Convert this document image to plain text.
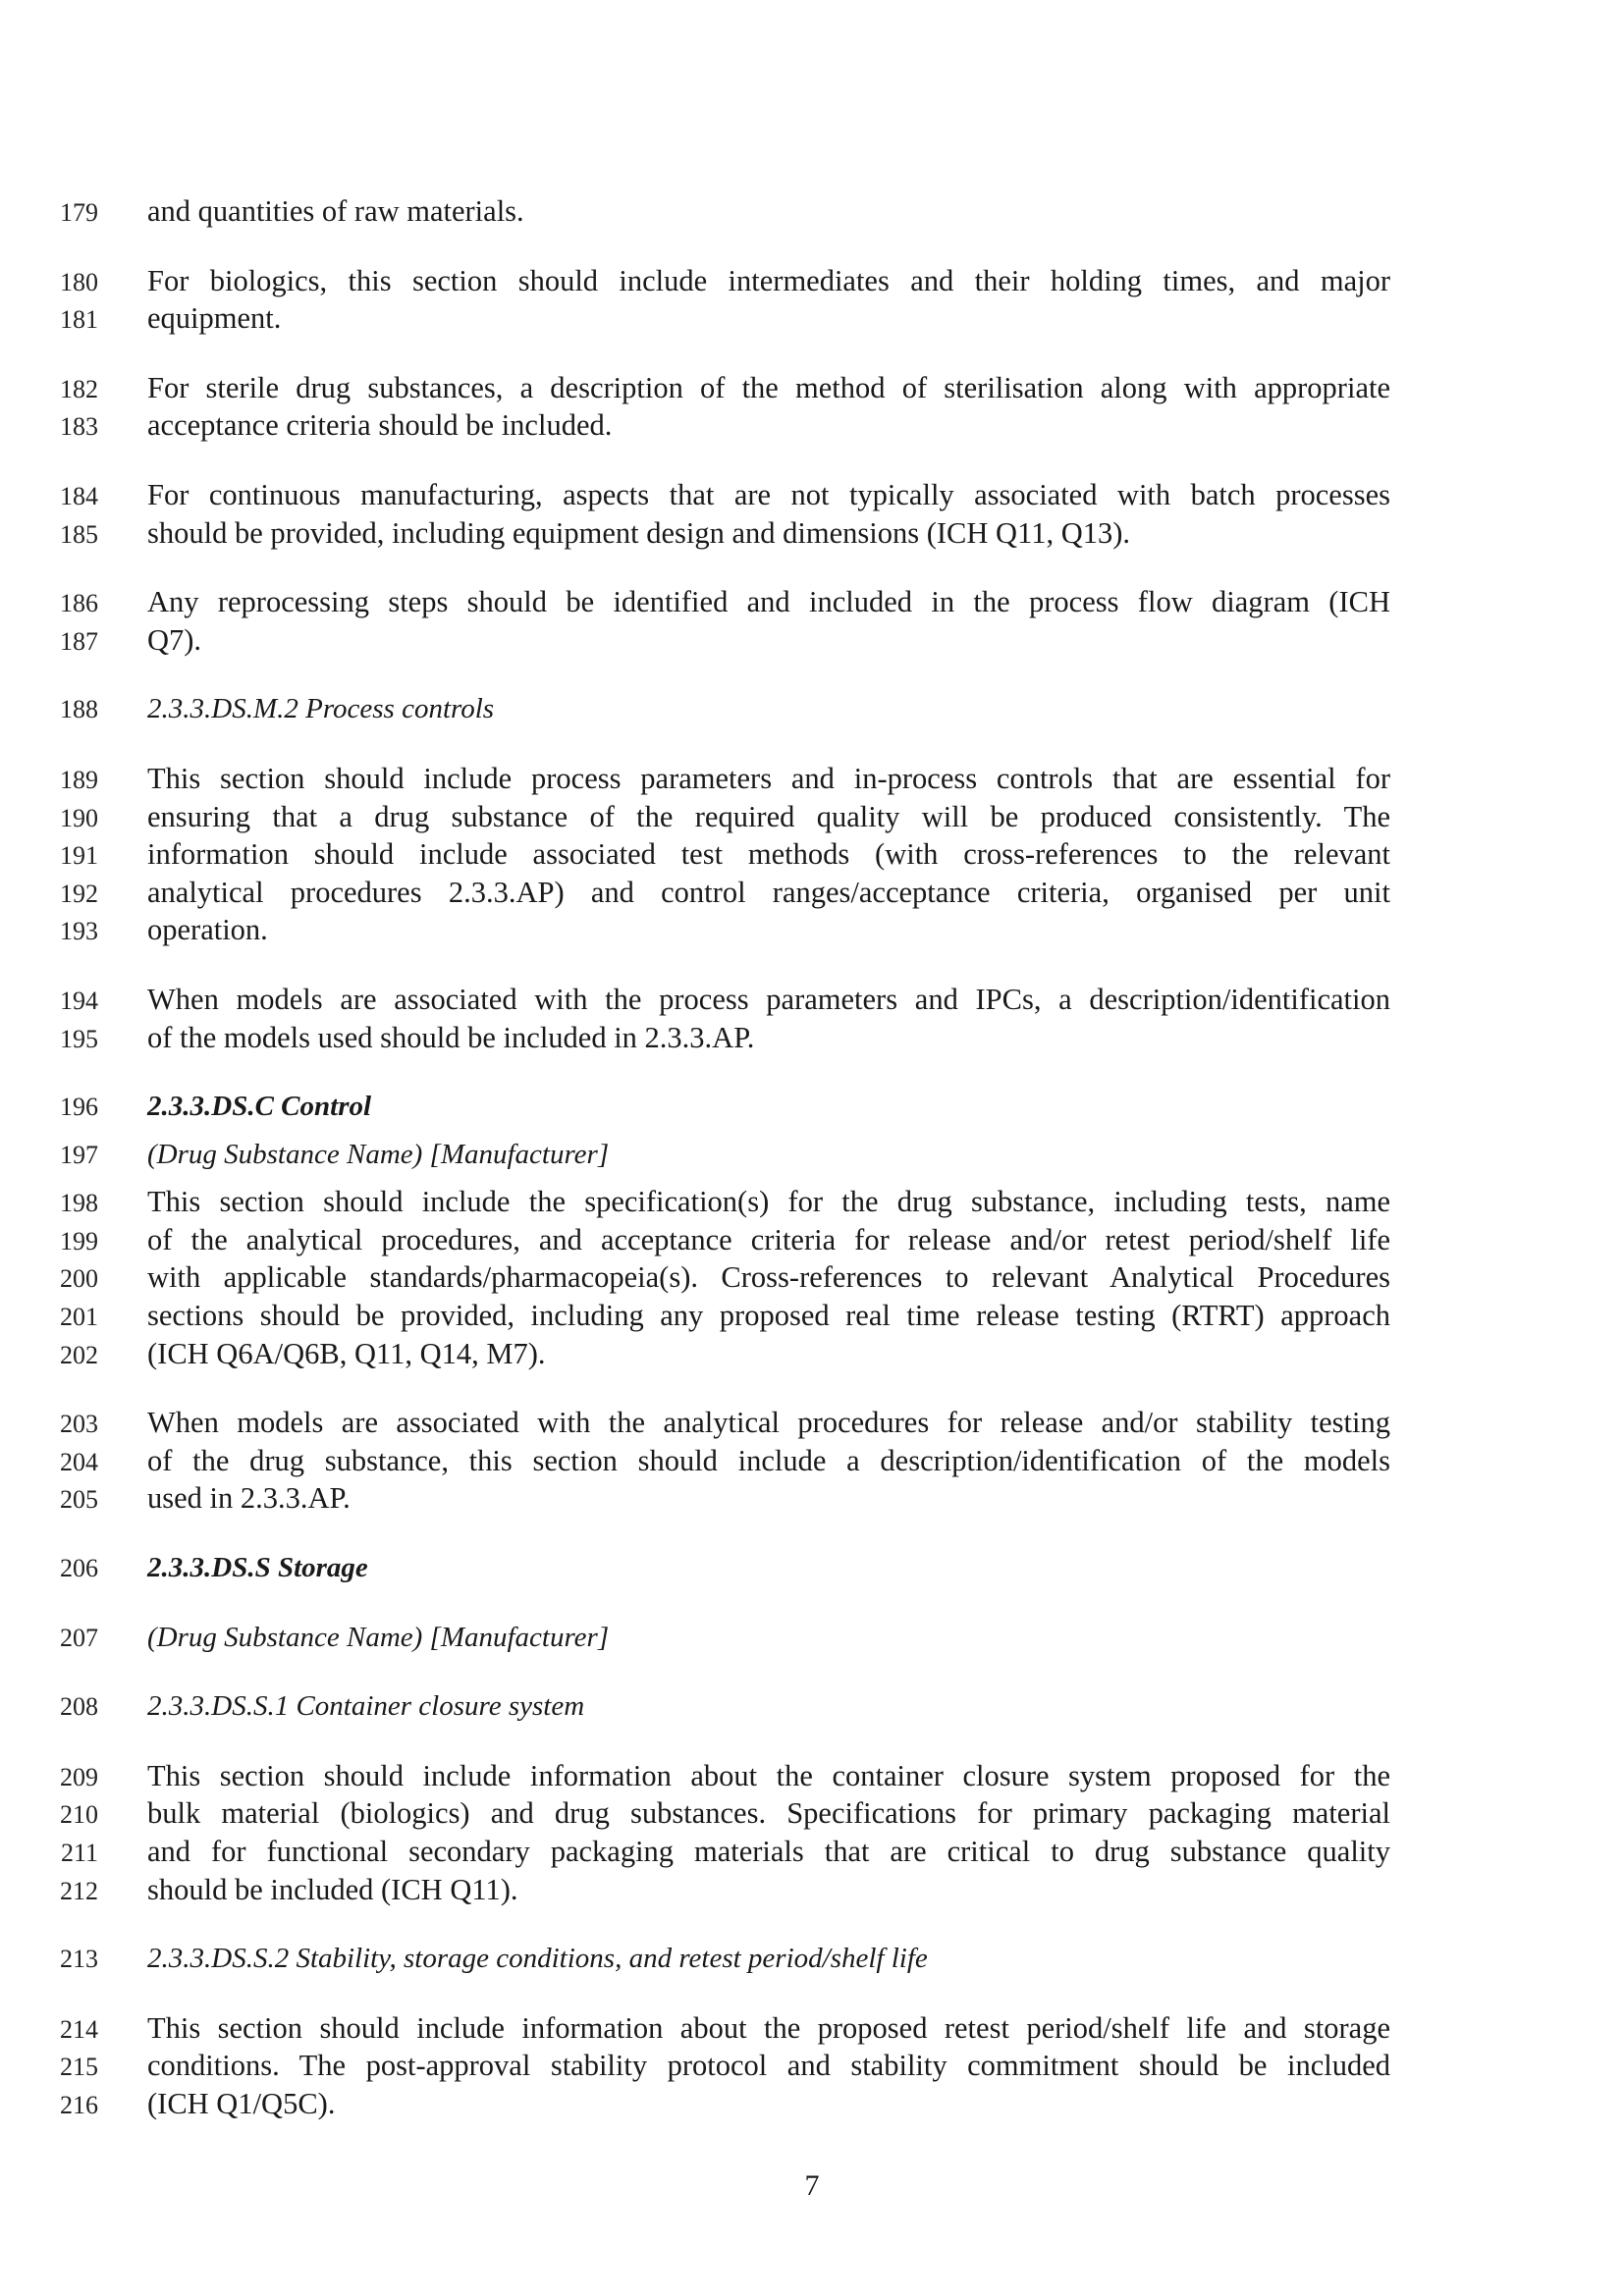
179	and quantities of raw materials.
180	For biologics, this section should include intermediates and their holding times, and major
181	equipment.
182	For sterile drug substances, a description of the method of sterilisation along with appropriate
183	acceptance criteria should be included.
184	For continuous manufacturing, aspects that are not typically associated with batch processes
185	should be provided, including equipment design and dimensions (ICH Q11, Q13).
186	Any reprocessing steps should be identified and included in the process flow diagram (ICH
187	Q7).
188	2.3.3.DS.M.2 Process controls
189	This section should include process parameters and in-process controls that are essential for
190	ensuring that a drug substance of the required quality will be produced consistently. The
191	information should include associated test methods (with cross-references to the relevant
192	analytical procedures 2.3.3.AP) and control ranges/acceptance criteria, organised per unit
193	operation.
194	When models are associated with the process parameters and IPCs, a description/identification
195	of the models used should be included in 2.3.3.AP.
196	2.3.3.DS.C Control
197	(Drug Substance Name) [Manufacturer]
198	This section should include the specification(s) for the drug substance, including tests, name
199	of the analytical procedures, and acceptance criteria for release and/or retest period/shelf life
200	with applicable standards/pharmacopeia(s). Cross-references to relevant Analytical Procedures
201	sections should be provided, including any proposed real time release testing (RTRT) approach
202	(ICH Q6A/Q6B, Q11, Q14, M7).
203	When models are associated with the analytical procedures for release and/or stability testing
204	of the drug substance, this section should include a description/identification of the models
205	used in 2.3.3.AP.
206	2.3.3.DS.S Storage
207	(Drug Substance Name) [Manufacturer]
208	2.3.3.DS.S.1 Container closure system
209	This section should include information about the container closure system proposed for the
210	bulk material (biologics) and drug substances. Specifications for primary packaging material
211	and for functional secondary packaging materials that are critical to drug substance quality
212	should be included (ICH Q11).
213	2.3.3.DS.S.2 Stability, storage conditions, and retest period/shelf life
214	This section should include information about the proposed retest period/shelf life and storage
215	conditions. The post-approval stability protocol and stability commitment should be included
216	(ICH Q1/Q5C).
7
